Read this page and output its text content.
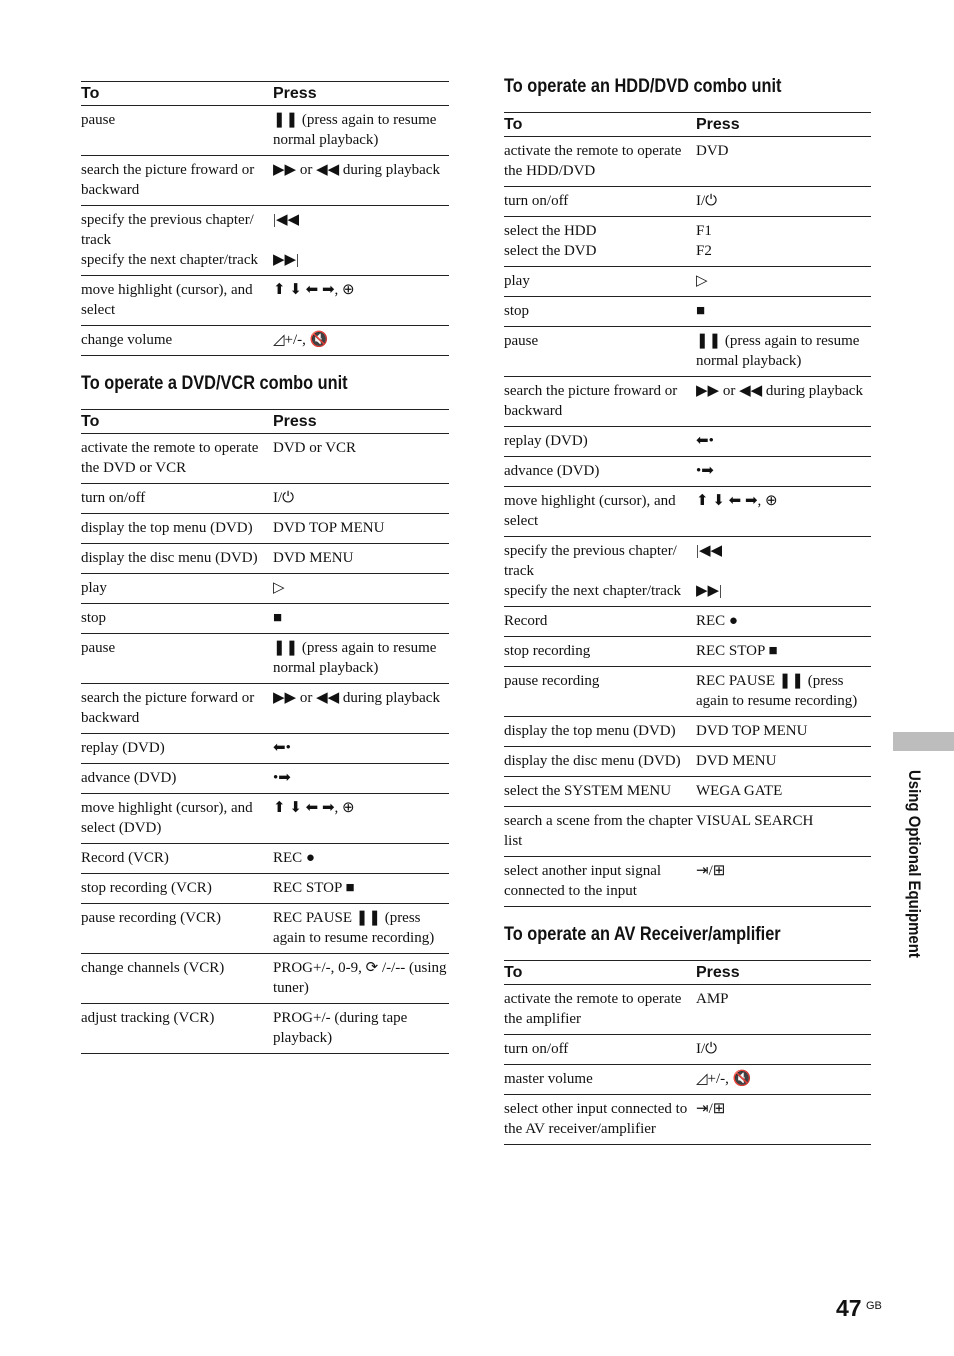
To	Press
pause	❚❚ (press again to resume normal playback)
search the picture froward or backward	▶▶ or ◀◀ during playback
specify the previous chapter/ track
specify the next chapter/track	|◀◀

▶▶|
move highlight (cursor), and select	⬆ ⬇ ⬅ ➡, ⊕
change volume	◿+/-, 🔇
To operate a DVD/VCR combo unit
To	Press
activate the remote to operate the DVD or VCR	DVD or VCR
turn on/off	I/⏻
display the top menu (DVD)	DVD TOP MENU
display the disc menu (DVD)	DVD MENU
play	▷
stop	■
pause	❚❚ (press again to resume normal playback)
search the picture forward or backward	▶▶ or ◀◀ during playback
replay (DVD)	⬅•
advance (DVD)	•➡
move highlight (cursor), and select (DVD)	⬆ ⬇ ⬅ ➡, ⊕
Record (VCR)	REC ●
stop recording (VCR)	REC STOP ■
pause recording (VCR)	REC PAUSE ❚❚ (press again to resume recording)
change channels (VCR)	PROG+/-, 0-9, ⟳ /-/-- (using tuner)
adjust tracking (VCR)	PROG+/- (during tape playback)
To operate an HDD/DVD combo unit
To	Press
activate the remote to operate the HDD/DVD	DVD
turn on/off	I/⏻
select the HDD
select the DVD	F1
F2
play	▷
stop	■
pause	❚❚ (press again to resume normal playback)
search the picture froward or backward	▶▶ or ◀◀ during playback
replay (DVD)	⬅•
advance (DVD)	•➡
move highlight (cursor), and select	⬆ ⬇ ⬅ ➡, ⊕
specify the previous chapter/ track
specify the next chapter/track	|◀◀

▶▶|
Record	REC ●
stop recording	REC STOP ■
pause recording	REC PAUSE ❚❚ (press again to resume recording)
display the top menu (DVD)	DVD TOP MENU
display the disc menu (DVD)	DVD MENU
select the SYSTEM MENU	WEGA GATE
search a scene from the chapter list	VISUAL SEARCH
select another input signal connected to the input	⇥/⊞
To operate an AV Receiver/amplifier
To	Press
activate the remote to operate the amplifier	AMP
turn on/off	I/⏻
master volume	◿+/-, 🔇
select other input connected to the AV receiver/amplifier	⇥/⊞
Using Optional Equipment
47 GB
